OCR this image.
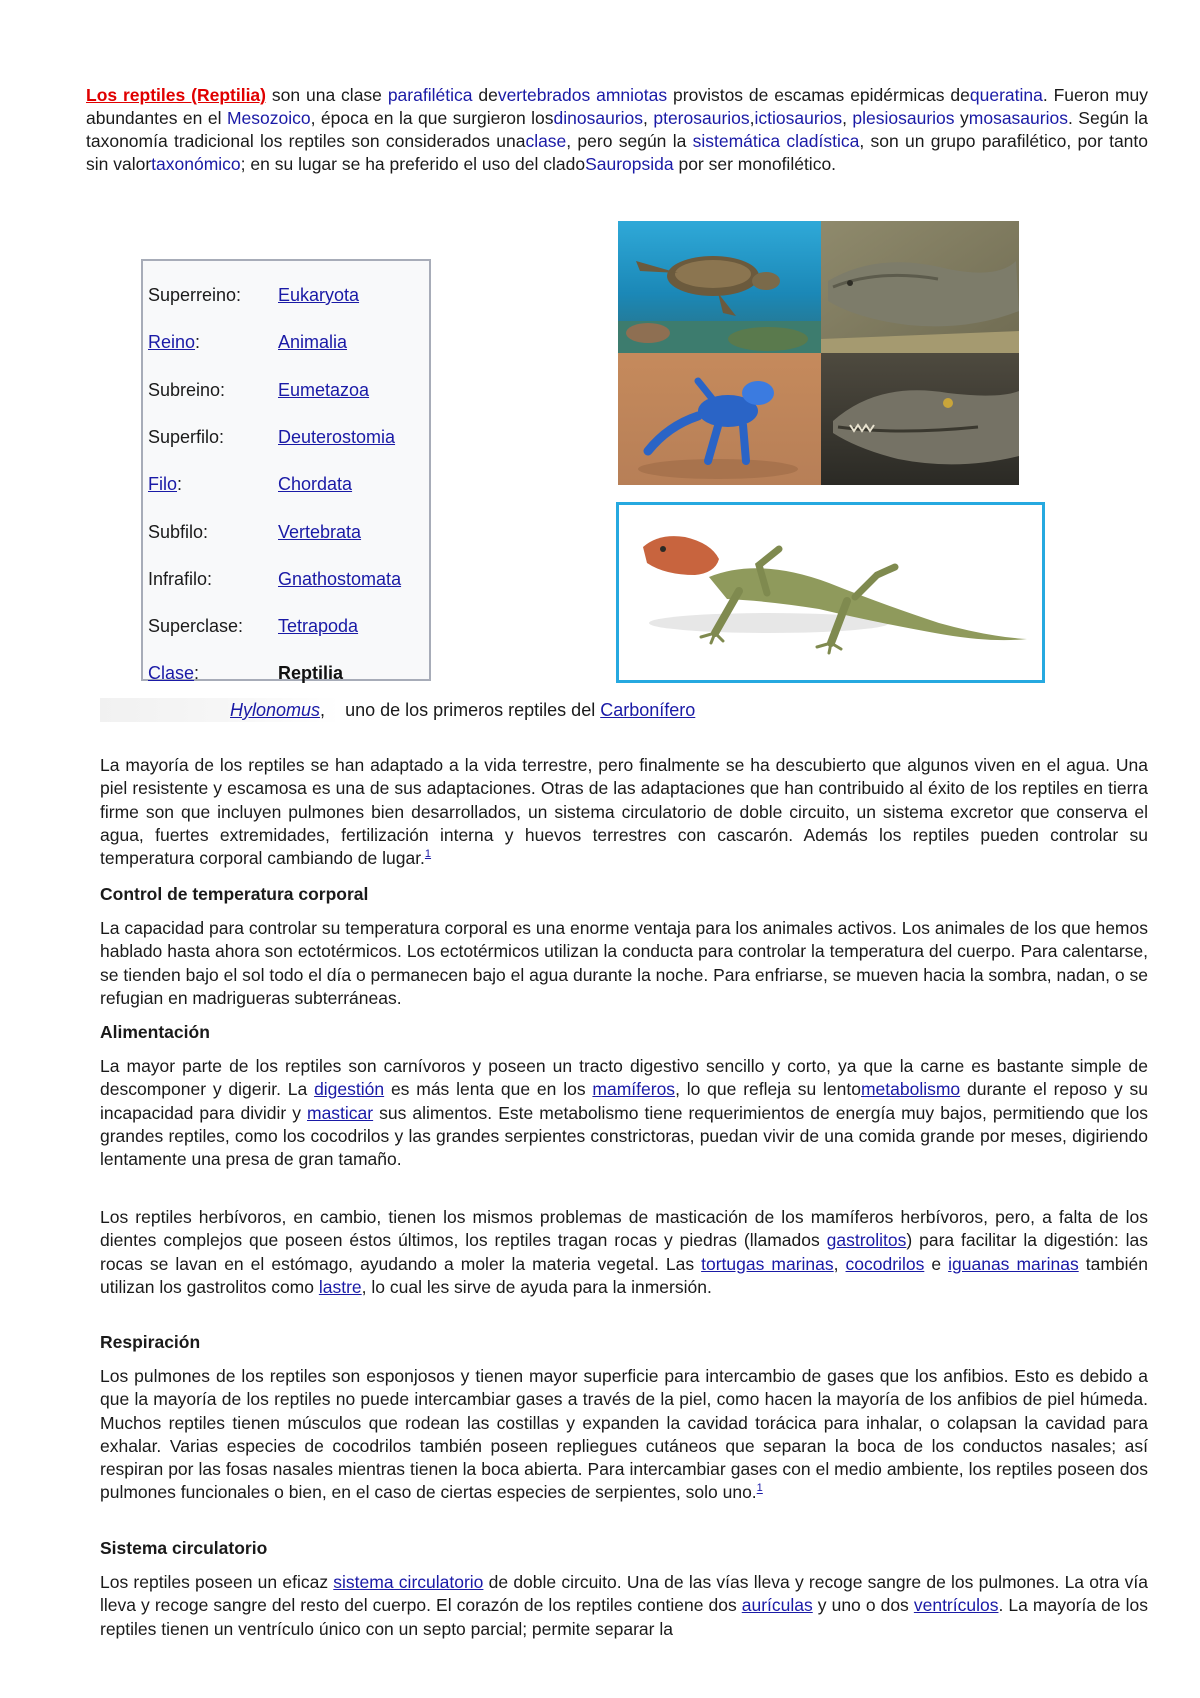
Los reptiles (Reptilia) son una clase parafilética devertebrados amniotas provistos de escamas epidérmicas dequeratina. Fueron muy abundantes en el Mesozoico, época en la que surgieron losdinosaurios, pterosaurios,ictiosaurios, plesiosaurios ymosasaurios. Según la taxonomía tradicional los reptiles son considerados unaclase, pero según la sistemática cladística, son un grupo parafilético, por tanto sin valortaxonómico; en su lugar se ha preferido el uso del cladoSauropsida por ser monofilético.

Superreino:	Eukaryota
Reino:	Animalia
Subreino:	Eumetazoa
Superfilo:	Deuterostomia
Filo:	Chordata
Subfilo:	Vertebrata
Infrafilo:	Gnathostomata
Superclase:	Tetrapoda
Clase:	Reptilia
Hylonomus,    uno de los primeros reptiles del Carbonífero

La mayoría de los reptiles se han adaptado a la vida terrestre, pero finalmente se ha descubierto que algunos viven en el agua. Una piel resistente y escamosa es una de sus adaptaciones. Otras de las adaptaciones que han contribuido al éxito de los reptiles en tierra firme son que incluyen pulmones bien desarrollados, un sistema circulatorio de doble circuito, un sistema excretor que conserva el agua, fuertes extremidades, fertilización interna y huevos terrestres con cascarón. Además los reptiles pueden controlar su temperatura corporal cambiando de lugar.$^1$

Control de temperatura corporal

La capacidad para controlar su temperatura corporal es una enorme ventaja para los animales activos. Los animales de los que hemos hablado hasta ahora son ectotérmicos. Los ectotérmicos utilizan la conducta para controlar la temperatura del cuerpo. Para calentarse, se tienden bajo el sol todo el día o permanecen bajo el agua durante la noche. Para enfriarse, se mueven hacia la sombra, nadan, o se refugian en madrigueras subterráneas.

Alimentación

La mayor parte de los reptiles son carnívoros y poseen un tracto digestivo sencillo y corto, ya que la carne es bastante simple de descomponer y digerir. La digestión es más lenta que en los mamíferos, lo que refleja su lentometabolismo durante el reposo y su incapacidad para dividir y masticar sus alimentos. Este metabolismo tiene requerimientos de energía muy bajos, permitiendo que los grandes reptiles, como los cocodrilos y las grandes serpientes constrictoras, puedan vivir de una comida grande por meses, digiriendo lentamente una presa de gran tamaño.

Los reptiles herbívoros, en cambio, tienen los mismos problemas de masticación de los mamíferos herbívoros, pero, a falta de los dientes complejos que poseen éstos últimos, los reptiles tragan rocas y piedras (llamados gastrolitos) para facilitar la digestión: las rocas se lavan en el estómago, ayudando a moler la materia vegetal. Las tortugas marinas, cocodrilos e iguanas marinas también utilizan los gastrolitos como lastre, lo cual les sirve de ayuda para la inmersión.

Respiración

Los pulmones de los reptiles son esponjosos y tienen mayor superficie para intercambio de gases que los anfibios. Esto es debido a que la mayoría de los reptiles no puede intercambiar gases a través de la piel, como hacen la mayoría de los anfibios de piel húmeda. Muchos reptiles tienen músculos que rodean las costillas y expanden la cavidad torácica para inhalar, o colapsan la cavidad para exhalar. Varias especies de cocodrilos también poseen repliegues cutáneos que separan la boca de los conductos nasales; así respiran por las fosas nasales mientras tienen la boca abierta. Para intercambiar gases con el medio ambiente, los reptiles poseen dos pulmones funcionales o bien, en el caso de ciertas especies de serpientes, solo uno.$^1$

Sistema circulatorio

Los reptiles poseen un eficaz sistema circulatorio de doble circuito. Una de las vías lleva y recoge sangre de los pulmones. La otra vía lleva y recoge sangre del resto del cuerpo. El corazón de los reptiles contiene dos aurículas y uno o dos ventrículos. La mayoría de los reptiles tienen un ventrículo único con un septo parcial; permite separar la
